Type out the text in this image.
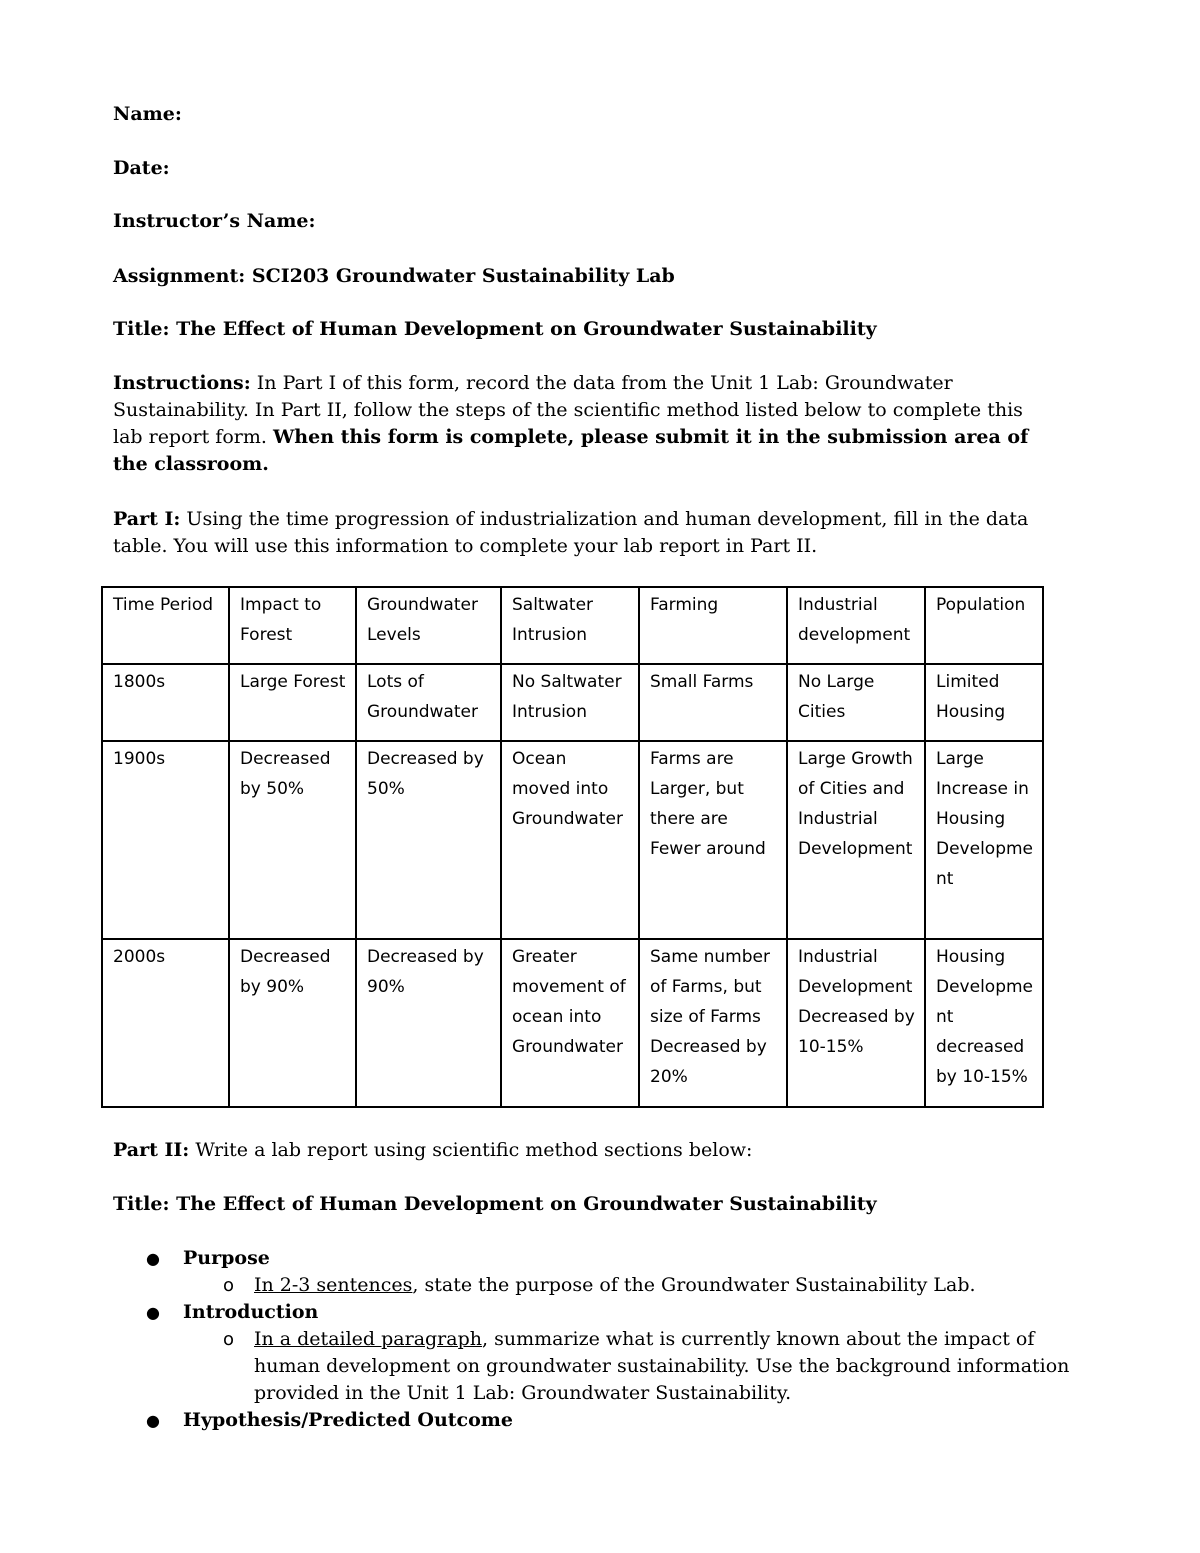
Name:
Date:
Instructor’s Name:
Assignment: SCI203 Groundwater Sustainability Lab
Title: The Effect of Human Development on Groundwater Sustainability
Instructions: In Part I of this form, record the data from the Unit 1 Lab: Groundwater Sustainability. In Part II, follow the steps of the scientific method listed below to complete this lab report form. When this form is complete, please submit it in the submission area of the classroom.
Part I: Using the time progression of industrialization and human development, fill in the data table. You will use this information to complete your lab report in Part II.
Time Period	Impact to Forest	Groundwater Levels	Saltwater Intrusion	Farming	Industrial development	Population
1800s	Large Forest	Lots of Groundwater	No Saltwater Intrusion	Small Farms	No Large Cities	Limited Housing
1900s	Decreased by 50%	Decreased by 50%	Ocean moved into Groundwater	Farms are Larger, but there are Fewer around	Large Growth of Cities and Industrial Development	Large Increase in Housing Development
2000s	Decreased by 90%	Decreased by 90%	Greater movement of ocean into Groundwater	Same number of Farms, but size of Farms Decreased by 20%	Industrial Development Decreased by 10-15%	Housing Development decreased by 10-15%
Part II: Write a lab report using scientific method sections below:
Title: The Effect of Human Development on Groundwater Sustainability
● Purpose
o In 2-3 sentences, state the purpose of the Groundwater Sustainability Lab.
● Introduction
o In a detailed paragraph, summarize what is currently known about the impact of human development on groundwater sustainability. Use the background information provided in the Unit 1 Lab: Groundwater Sustainability.
● Hypothesis/Predicted Outcome
